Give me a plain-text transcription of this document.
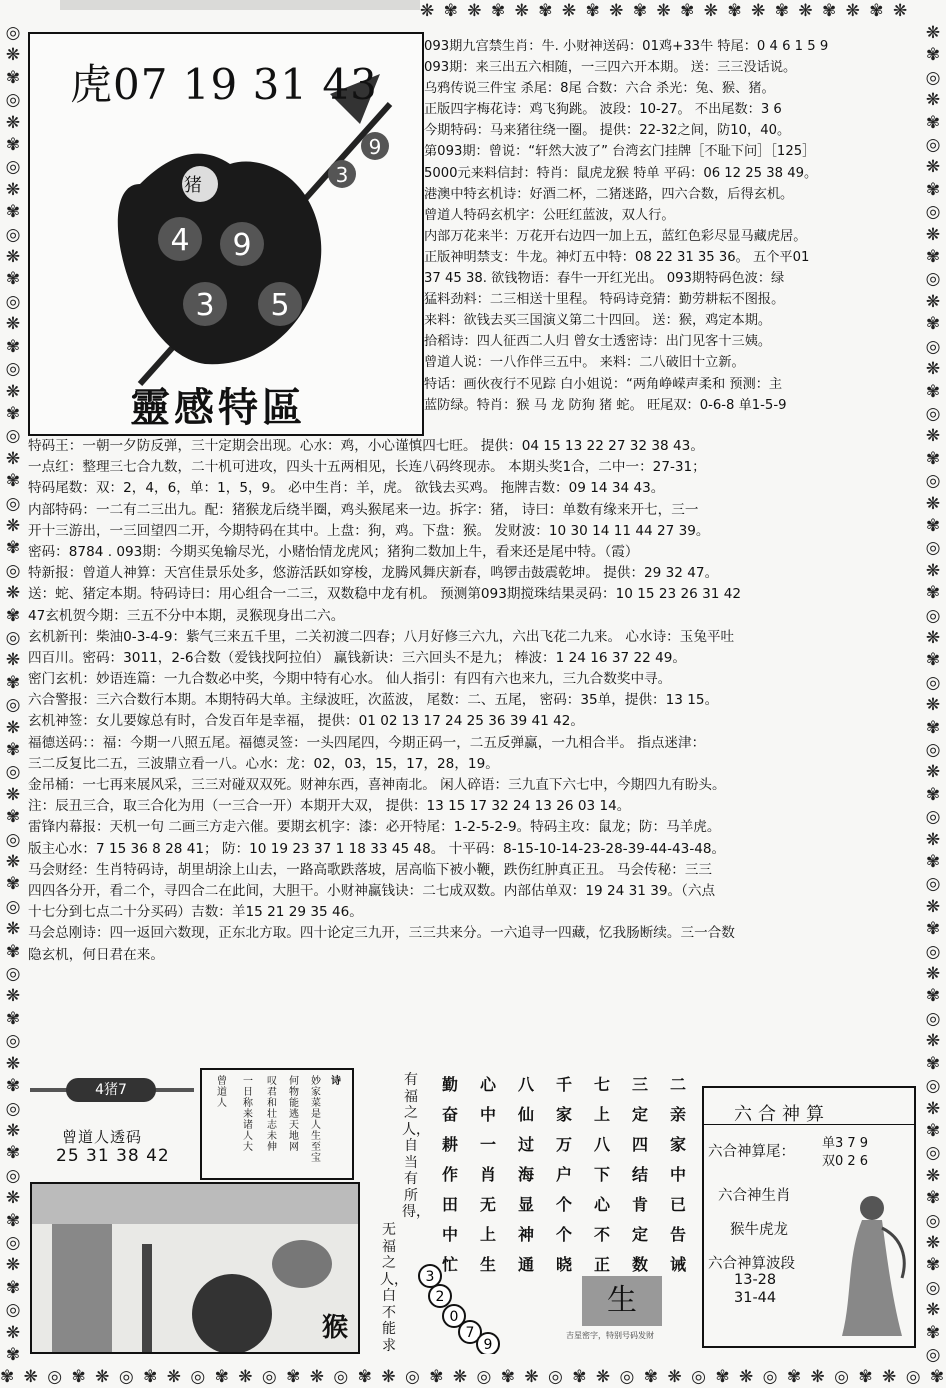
❋ ✾ ❋ ✾ ❋ ✾ ❋ ✾ ❋ ✾ ❋ ✾ ❋ ✾ ❋ ✾ ❋ ✾ ❋ ✾ ❋
✾ ❋ ◎ ✾ ❋ ◎ ✾ ❋ ◎ ✾ ❋ ◎ ✾ ❋ ◎ ✾ ❋ ◎ ✾ ❋ ◎ ✾ ❋ ◎ ✾ ❋ ◎ ✾ ❋ ◎ ✾ ❋ ◎ ✾ ❋ ◎ ✾ ❋ ◎ ✾
◎
❋
✾
◎
❋
✾
◎
❋
✾
◎
❋
✾
◎
❋
✾
◎
❋
✾
◎
❋
✾
◎
❋
✾
◎
❋
✾
◎
❋
✾
◎
❋
✾
◎
❋
✾
◎
❋
✾
◎
❋
✾
◎
❋
✾
◎
❋
✾
◎
❋
✾
◎
❋
✾
◎
❋
✾
◎
❋
✾
❋
✾
◎
❋
✾
◎
❋
✾
◎
❋
✾
◎
❋
✾
◎
❋
✾
◎
❋
✾
◎
❋
✾
◎
❋
✾
◎
❋
✾
◎
❋
✾
◎
❋
✾
◎
❋
✾
◎
❋
✾
◎
❋
✾
◎
❋
✾
◎
❋
✾
◎
❋
✾
◎
❋
✾
◎
❋
✾
◎
猪
4 9
3 5
3
9
虎07 19 31 43
靈感特區
093期九宫禁生肖：牛. 小财神送码：01鸡+33牛 特尾：0 4 6 1 5 9
093期：来三出五六相随，一三四六开本期。 送：三三没话说。
乌鸦传说三件宝 杀尾：8尾 合数：六合 杀光：兔、猴、猪。
正版四字梅花诗：鸡飞狗跳。 波段：10-27。 不出尾数：3 6
今期特码：马来猪往绕一圈。 提供：22-32之间，防10，40。
第093期：曾说：“轩然大波了” 台湾玄门挂牌［不耻下问］［125］
5000元来料信封：特肖：鼠虎龙猴 特单 平码：06 12 25 38 49。
港澳中特玄机诗：好酒二杯，二猪迷路，四六合数，后得玄机。
曾道人特码玄机字：公旺红蓝波，双人行。
内部万花来半：万花开右边四一加上五，蓝红色彩尽显马藏虎居。
正版神明禁支：牛龙。神灯五中特：08 22 31 35 36。 五个平01
37 45 38. 欲钱物语：春牛一开红光出。 093期特码色波：绿
猛料劲料：二三相送十里程。 特码诗竞猜：勤劳耕耘不图报。
来料：欲钱去买三国演义第二十四回。 送：猴，鸡定本期。
拾稻诗：四人征西二人归 曾女士透密诗：出门见客十三姨。
曾道人说：一八作伴三五中。 来料：二八破旧十立新。
特话：画伙夜行不见踪 白小姐说：“两角峥嵘声柔和 预测：主
蓝防绿。特肖：猴 马 龙 防狗 猪 蛇。 旺尾双：0-6-8 单1-5-9
特码王：一朝一夕防反弹，三十定期会出现。心水：鸡，小心谨慎四七旺。 提供：04 15 13 22 27 32 38 43。
一点红：整理三七合九数，二十机可进攻，四头十五两相见，长连八码终现赤。 本期头奖1合，二中一：27-31；
特码尾数：双：2，4，6，单：1，5，9。 必中生肖：羊，虎。 欲钱去买鸡。 拖牌吉数：09 14 34 43。
内部特码：一二有二三出九。配：猪猴龙后绕半圈，鸡头猴尾来一边。拆字：猪， 诗曰：单数有缘来开七，三一
开十三游出，一三回望四二开，今期特码在其中。上盘：狗，鸡。下盘：猴。 发财波：10 30 14 11 44 27 39。
密码：8784 . 093期：今期买兔输尽光，小赌怡情龙虎风；猪狗二数加上牛，看来还是尾中特。（霞）
特新报：曾道人神算：天宫佳景乐处多，悠游活跃如穿梭，龙腾风舞庆新春，鸣锣击鼓震乾坤。 提供：29 32 47。
送：蛇、猪定本期。特码诗曰：用心组合一二三，双数稳中龙有机。 预测第093期搅珠结果灵码：10 15 23 26 31 42
47玄机贺今期：三五不分中本期，灵猴现身出二六。
玄机新刊：柴油0-3-4-9：紫气三来五千里，二关初渡二四春；八月好修三六九，六出飞花二九来。 心水诗：玉兔平吐
四百川。密码：3011，2-6合数（爱钱找阿拉伯） 赢钱新诀：三六回头不是九； 棒波：1 24 16 37 22 49。
密门玄机：妙语连篇：一九合数必中奖，今期中特有心水。 仙人指引：有四有六也来九，三九合数奖中寻。
六合警报：三六合数行本期。本期特码大单。主绿波旺，次蓝波， 尾数：二、五尾， 密码：35单，提供：13 15。
玄机神签：女儿要嫁总有时，合发百年是幸福， 提供：01 02 13 17 24 25 36 39 41 42。
福德送码：：福：今期一八照五尾。福德灵签：一头四尾四，今期正码一，二五反弹赢，一九相合半。 指点迷津：
三二反复比二五，三波鼎立看一八。心水：龙：02，03，15，17，28，19。
金吊桶：一七再来展风采，三三对碰双双死。财神东西，喜神南北。 闲人碎语：三九直下六七中，今期四九有盼头。
注：辰丑三合，取三合化为用（一三合一开）本期开大双， 提供：13 15 17 32 24 13 26 03 14。
雷锋内幕报：天机一句 二画三方走六催。要期玄机字：漆：必开特尾：1-2-5-2-9。特码主攻：鼠龙；防：马羊虎。
版主心水：7 15 36 8 28 41； 防：10 19 23 37 1 18 33 45 48。 十平码：8-15-10-14-23-28-39-44-43-48。
马会财经：生肖特码诗，胡里胡涂上山去，一路高歌跌落坡，居高临下被小鞭，跌伤红肿真正丑。 马会传秘：三三
四四各分开，看二个，寻四合二在此间，大胆干。小财神赢钱诀：二七成双数。内部估单双：19 24 31 39。（六点
十七分到七点二十分买码）吉数：羊15 21 29 35 46。
马会总刚诗：四一返回六数现，正东北方取。四十论定三九开，三三共来分。一六追寻一四藏，忆我肠断续。三一合数
隐玄机，何日君在来。
4猪7
曾道人透码
25 31 38 42
诗
妙家菜是人生至宝
何物能逃天地网
叹君和壮志未伸
一日称来诸人大
曾道人
猴
有福之人，自当有所得，
无福之人，白不能求
勤奋耕作田中忙
心中一肖无上生
八仙过海显神通
千家万户个个晓
七上八下心不正
三定四结肯定数
二亲家中已告诫
3
2
0
7
9
生
吉星密字，特别号码发财
六合神算
六合神算尾：
单3 7 9
双0 2 6
六合神生肖
猴牛虎龙
六合神算波段
13-28
31-44
